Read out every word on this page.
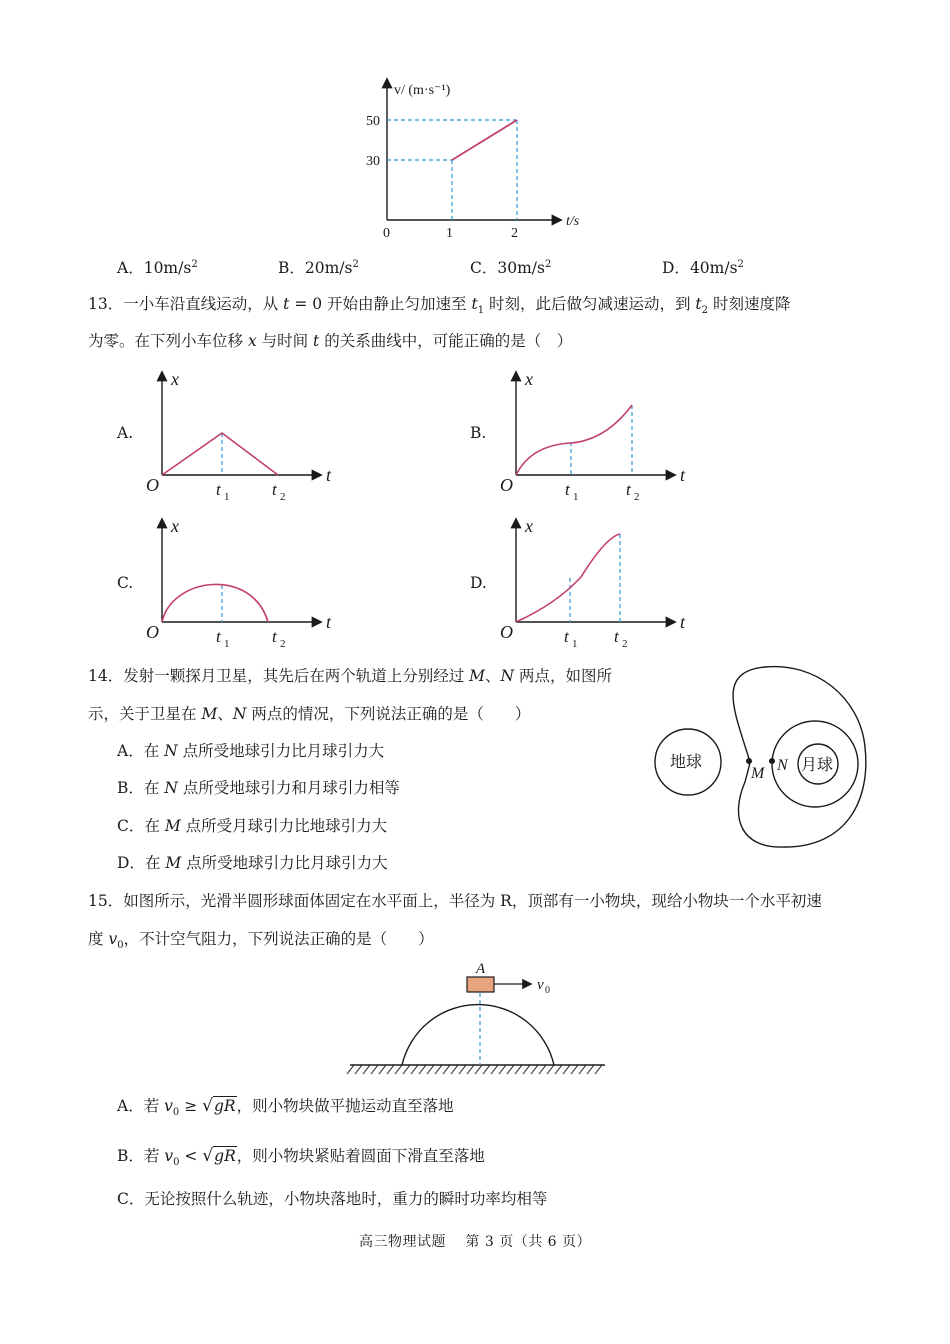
v/ (m·s⁻¹)
t/s
0	1	2
30
50
A．$10m/s^2$	B．$20m/s^2$	C．$30m/s^2$	D．$40m/s^2$
13．一小车沿直线运动，从 t = 0 开始由静止匀加速至 $t_1$ 时刻，此后做匀减速运动，到 $t_2$ 时刻速度降
为零。在下列小车位移 x 与时间 t 的关系曲线中，可能正确的是（　）
A.	B.
C.	D.
x
t
O	t 1	t 2
x
t
O	t 1	t 2
x
t
O	t 1	t 2
x
t
O	t 1 t 2
14．发射一颗探月卫星，其先后在两个轨道上分别经过 M、N 两点，如图所
示，关于卫星在 M、N 两点的情况，下列说法正确的是（　　）
A．在 N 点所受地球引力比月球引力大
B．在 N 点所受地球引力和月球引力相等
C．在 M 点所受月球引力比地球引力大
D．在 M 点所受地球引力比月球引力大
地球	月球
M N
15．如图所示，光滑半圆形球面体固定在水平面上，半径为 R，顶部有一小物块，现给小物块一个水平初速
度 $v_0$，不计空气阻力，下列说法正确的是（　　）
A
v 0
A．若 $v_0 \ge √gR$，则小物块做平抛运动直至落地
B．若 $v_0 < √gR$，则小物块紧贴着圆面下滑直至落地
C．无论按照什么轨迹，小物块落地时，重力的瞬时功率均相等
高三物理试题　 第 3 页（共 6 页）
